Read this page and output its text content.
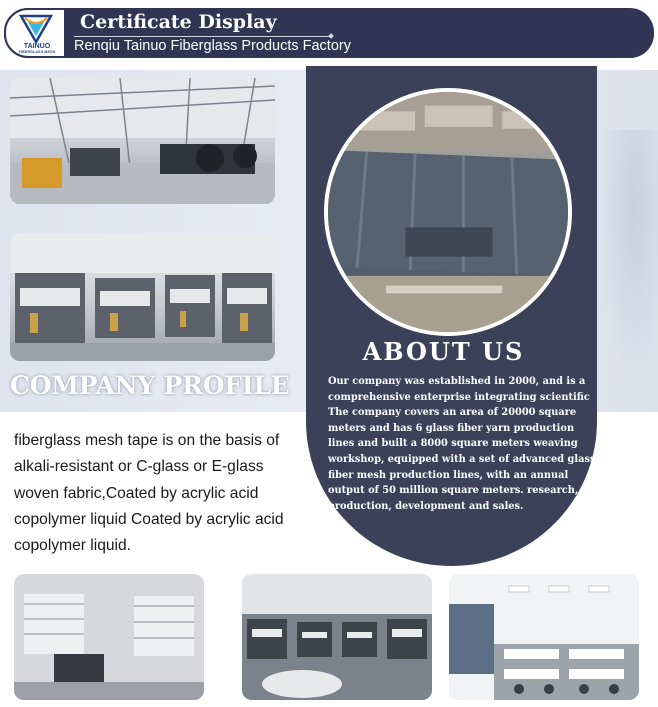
TAINUO
FIBERGLASS MESH
Certificate Display
Renqiu Tainuo Fiberglass Products Factory
COMPANY PROFILE
ABOUT US
Our company was established in 2000, and is a comprehensive enterprise integrating scientific The company covers an area of 20000 square meters and has 6 glass fiber yarn production lines and built a 8000 square meters weaving workshop, equipped with a set of advanced glass fiber mesh production lines, with an annual output of 50 million square meters. research, production, development and sales.
fiberglass mesh tape is on the basis of alkali-resistant or C-glass or E-glass woven fabric,Coated by acrylic acid copolymer liquid Coated by acrylic acid copolymer liquid.
